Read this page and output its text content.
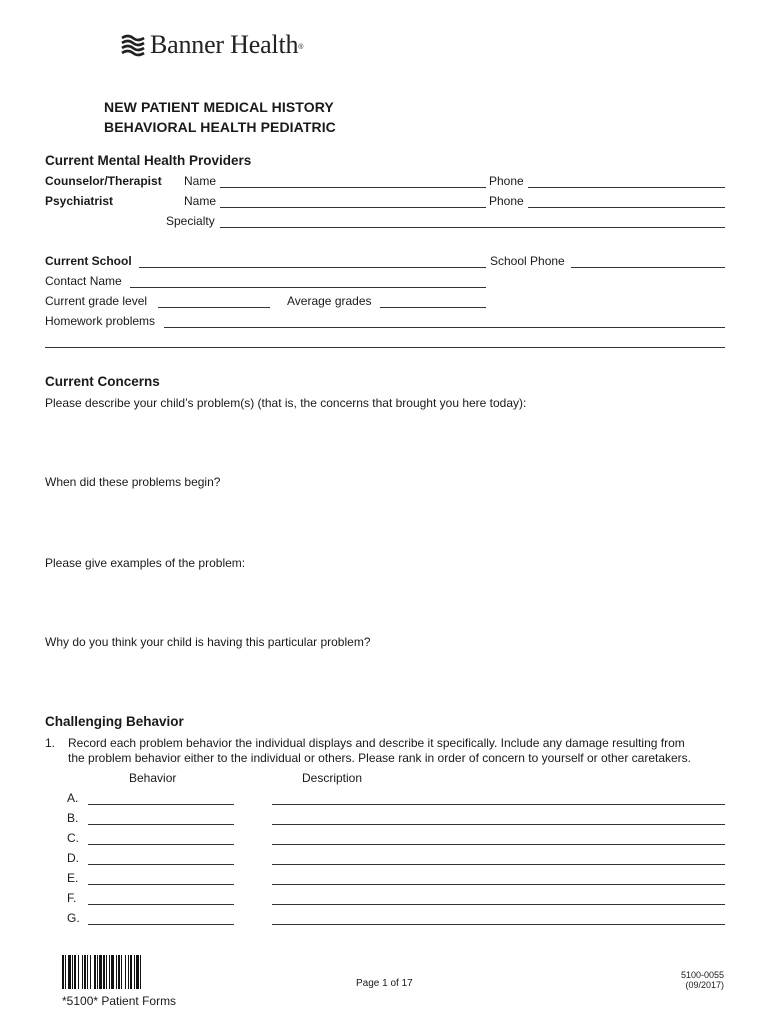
Banner Health ®
NEW PATIENT MEDICAL HISTORY
BEHAVIORAL HEALTH PEDIATRIC
Current Mental Health Providers
Counselor/Therapist Name	Phone
Psychiatrist	Name	Phone
Specialty
Current School	School Phone
Contact Name
Current grade level	Average grades
Homework problems
Current Concerns
Please describe your child’s problem(s) (that is, the concerns that brought you here today):
When did these problems begin?
Please give examples of the problem:
Why do you think your child is having this particular problem?
Challenging Behavior
1. Record each problem behavior the individual displays and describe it specifically. Include any damage resulting from
the problem behavior either to the individual or others. Please rank in order of concern to yourself or other caretakers.
Behavior	Description
A.
B.
C.
D.
E.
F.
G.
*5100* Patient Forms
Page 1 of 17
5100-0055
(09/2017)
